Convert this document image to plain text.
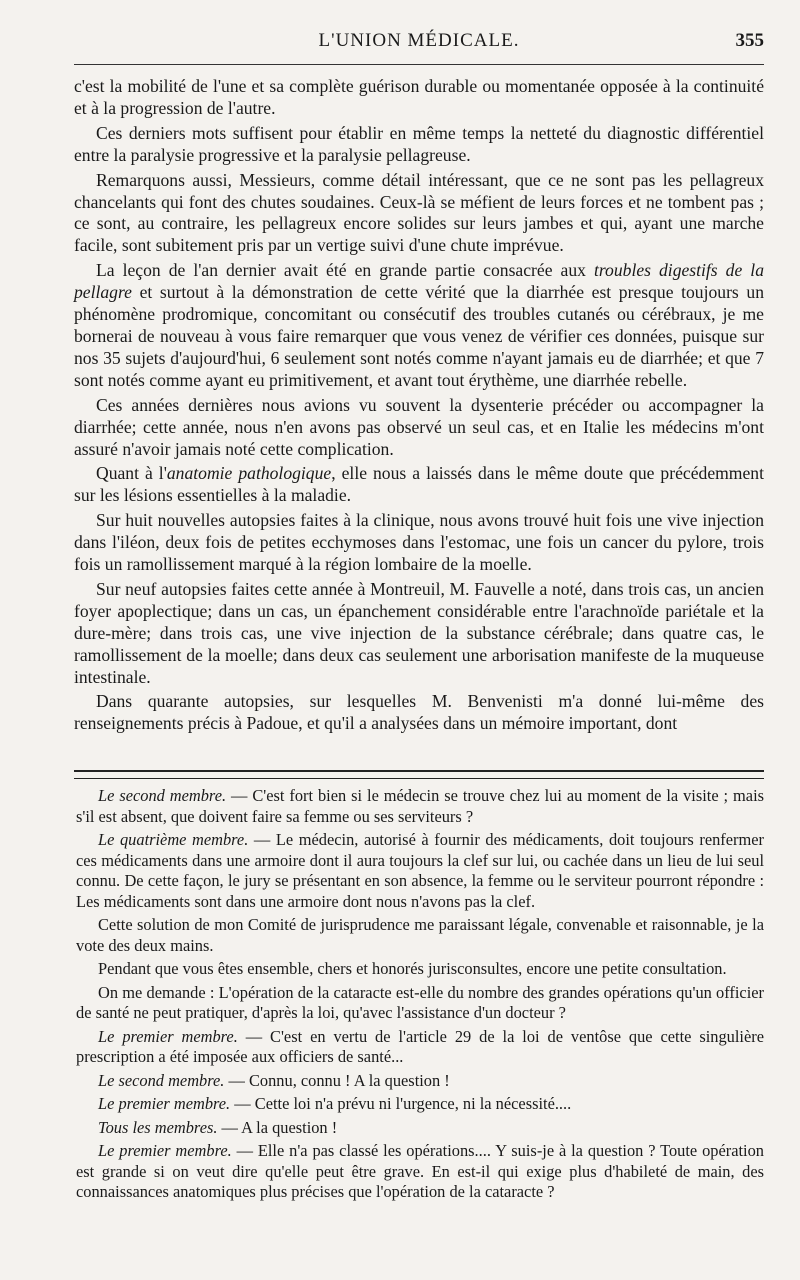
L'UNION MÉDICALE.	355

c'est la mobilité de l'une et sa complète guérison durable ou momentanée opposée à la continuité et à la progression de l'autre.

Ces derniers mots suffisent pour établir en même temps la netteté du diagnostic différentiel entre la paralysie progressive et la paralysie pellagreuse.

Remarquons aussi, Messieurs, comme détail intéressant, que ce ne sont pas les pellagreux chancelants qui font des chutes soudaines. Ceux-là se méfient de leurs forces et ne tombent pas ; ce sont, au contraire, les pellagreux encore solides sur leurs jambes et qui, ayant une marche facile, sont subitement pris par un vertige suivi d'une chute imprévue.

La leçon de l'an dernier avait été en grande partie consacrée aux troubles digestifs de la pellagre et surtout à la démonstration de cette vérité que la diarrhée est presque toujours un phénomène prodromique, concomitant ou consécutif des troubles cutanés ou cérébraux, je me bornerai de nouveau à vous faire remarquer que vous venez de vérifier ces données, puisque sur nos 35 sujets d'aujourd'hui, 6 seulement sont notés comme n'ayant jamais eu de diarrhée; et que 7 sont notés comme ayant eu primitivement, et avant tout érythème, une diarrhée rebelle.

Ces années dernières nous avions vu souvent la dysenterie précéder ou accompagner la diarrhée; cette année, nous n'en avons pas observé un seul cas, et en Italie les médecins m'ont assuré n'avoir jamais noté cette complication.

Quant à l'anatomie pathologique, elle nous a laissés dans le même doute que précédemment sur les lésions essentielles à la maladie.

Sur huit nouvelles autopsies faites à la clinique, nous avons trouvé huit fois une vive injection dans l'iléon, deux fois de petites ecchymoses dans l'estomac, une fois un cancer du pylore, trois fois un ramollissement marqué à la région lombaire de la moelle.

Sur neuf autopsies faites cette année à Montreuil, M. Fauvelle a noté, dans trois cas, un ancien foyer apoplectique; dans un cas, un épanchement considérable entre l'arachnoïde pariétale et la dure-mère; dans trois cas, une vive injection de la substance cérébrale; dans quatre cas, le ramollissement de la moelle; dans deux cas seulement une arborisation manifeste de la muqueuse intestinale.

Dans quarante autopsies, sur lesquelles M. Benvenisti m'a donné lui-même des renseignements précis à Padoue, et qu'il a analysées dans un mémoire important, dont

Le second membre. — C'est fort bien si le médecin se trouve chez lui au moment de la visite ; mais s'il est absent, que doivent faire sa femme ou ses serviteurs ?

Le quatrième membre. — Le médecin, autorisé à fournir des médicaments, doit toujours renfermer ces médicaments dans une armoire dont il aura toujours la clef sur lui, ou cachée dans un lieu de lui seul connu. De cette façon, le jury se présentant en son absence, la femme ou le serviteur pourront répondre : Les médicaments sont dans une armoire dont nous n'avons pas la clef.

Cette solution de mon Comité de jurisprudence me paraissant légale, convenable et raisonnable, je la vote des deux mains.

Pendant que vous êtes ensemble, chers et honorés jurisconsultes, encore une petite consultation.

On me demande : L'opération de la cataracte est-elle du nombre des grandes opérations qu'un officier de santé ne peut pratiquer, d'après la loi, qu'avec l'assistance d'un docteur ?

Le premier membre. — C'est en vertu de l'article 29 de la loi de ventôse que cette singulière prescription a été imposée aux officiers de santé...

Le second membre. — Connu, connu ! A la question !

Le premier membre. — Cette loi n'a prévu ni l'urgence, ni la nécessité....

Tous les membres. — A la question !

Le premier membre. — Elle n'a pas classé les opérations.... Y suis-je à la question ? Toute opération est grande si on veut dire qu'elle peut être grave. En est-il qui exige plus d'habileté de main, des connaissances anatomiques plus précises que l'opération de la cataracte ?
